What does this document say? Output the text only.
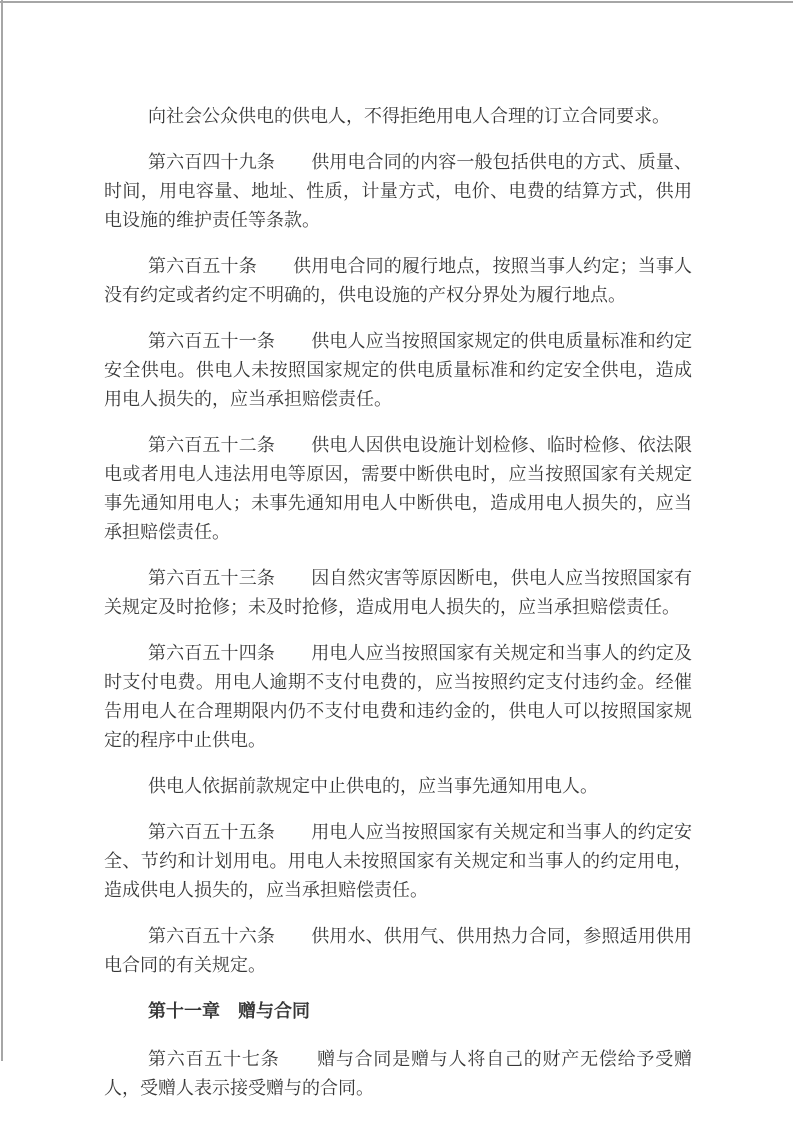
向社会公众供电的供电人，不得拒绝用电人合理的订立合同要求。

第六百四十九条　　供用电合同的内容一般包括供电的方式、质量、时间，用电容量、地址、性质，计量方式，电价、电费的结算方式，供用电设施的维护责任等条款。

第六百五十条　　供用电合同的履行地点，按照当事人约定；当事人没有约定或者约定不明确的，供电设施的产权分界处为履行地点。

第六百五十一条　　供电人应当按照国家规定的供电质量标准和约定安全供电。供电人未按照国家规定的供电质量标准和约定安全供电，造成用电人损失的，应当承担赔偿责任。

第六百五十二条　　供电人因供电设施计划检修、临时检修、依法限电或者用电人违法用电等原因，需要中断供电时，应当按照国家有关规定事先通知用电人；未事先通知用电人中断供电，造成用电人损失的，应当承担赔偿责任。

第六百五十三条　　因自然灾害等原因断电，供电人应当按照国家有关规定及时抢修；未及时抢修，造成用电人损失的，应当承担赔偿责任。

第六百五十四条　　用电人应当按照国家有关规定和当事人的约定及时支付电费。用电人逾期不支付电费的，应当按照约定支付违约金。经催告用电人在合理期限内仍不支付电费和违约金的，供电人可以按照国家规定的程序中止供电。

供电人依据前款规定中止供电的，应当事先通知用电人。

第六百五十五条　　用电人应当按照国家有关规定和当事人的约定安全、节约和计划用电。用电人未按照国家有关规定和当事人的约定用电，造成供电人损失的，应当承担赔偿责任。

第六百五十六条　　供用水、供用气、供用热力合同，参照适用供用电合同的有关规定。

第十一章　赠与合同

第六百五十七条　　赠与合同是赠与人将自己的财产无偿给予受赠人，受赠人表示接受赠与的合同。
